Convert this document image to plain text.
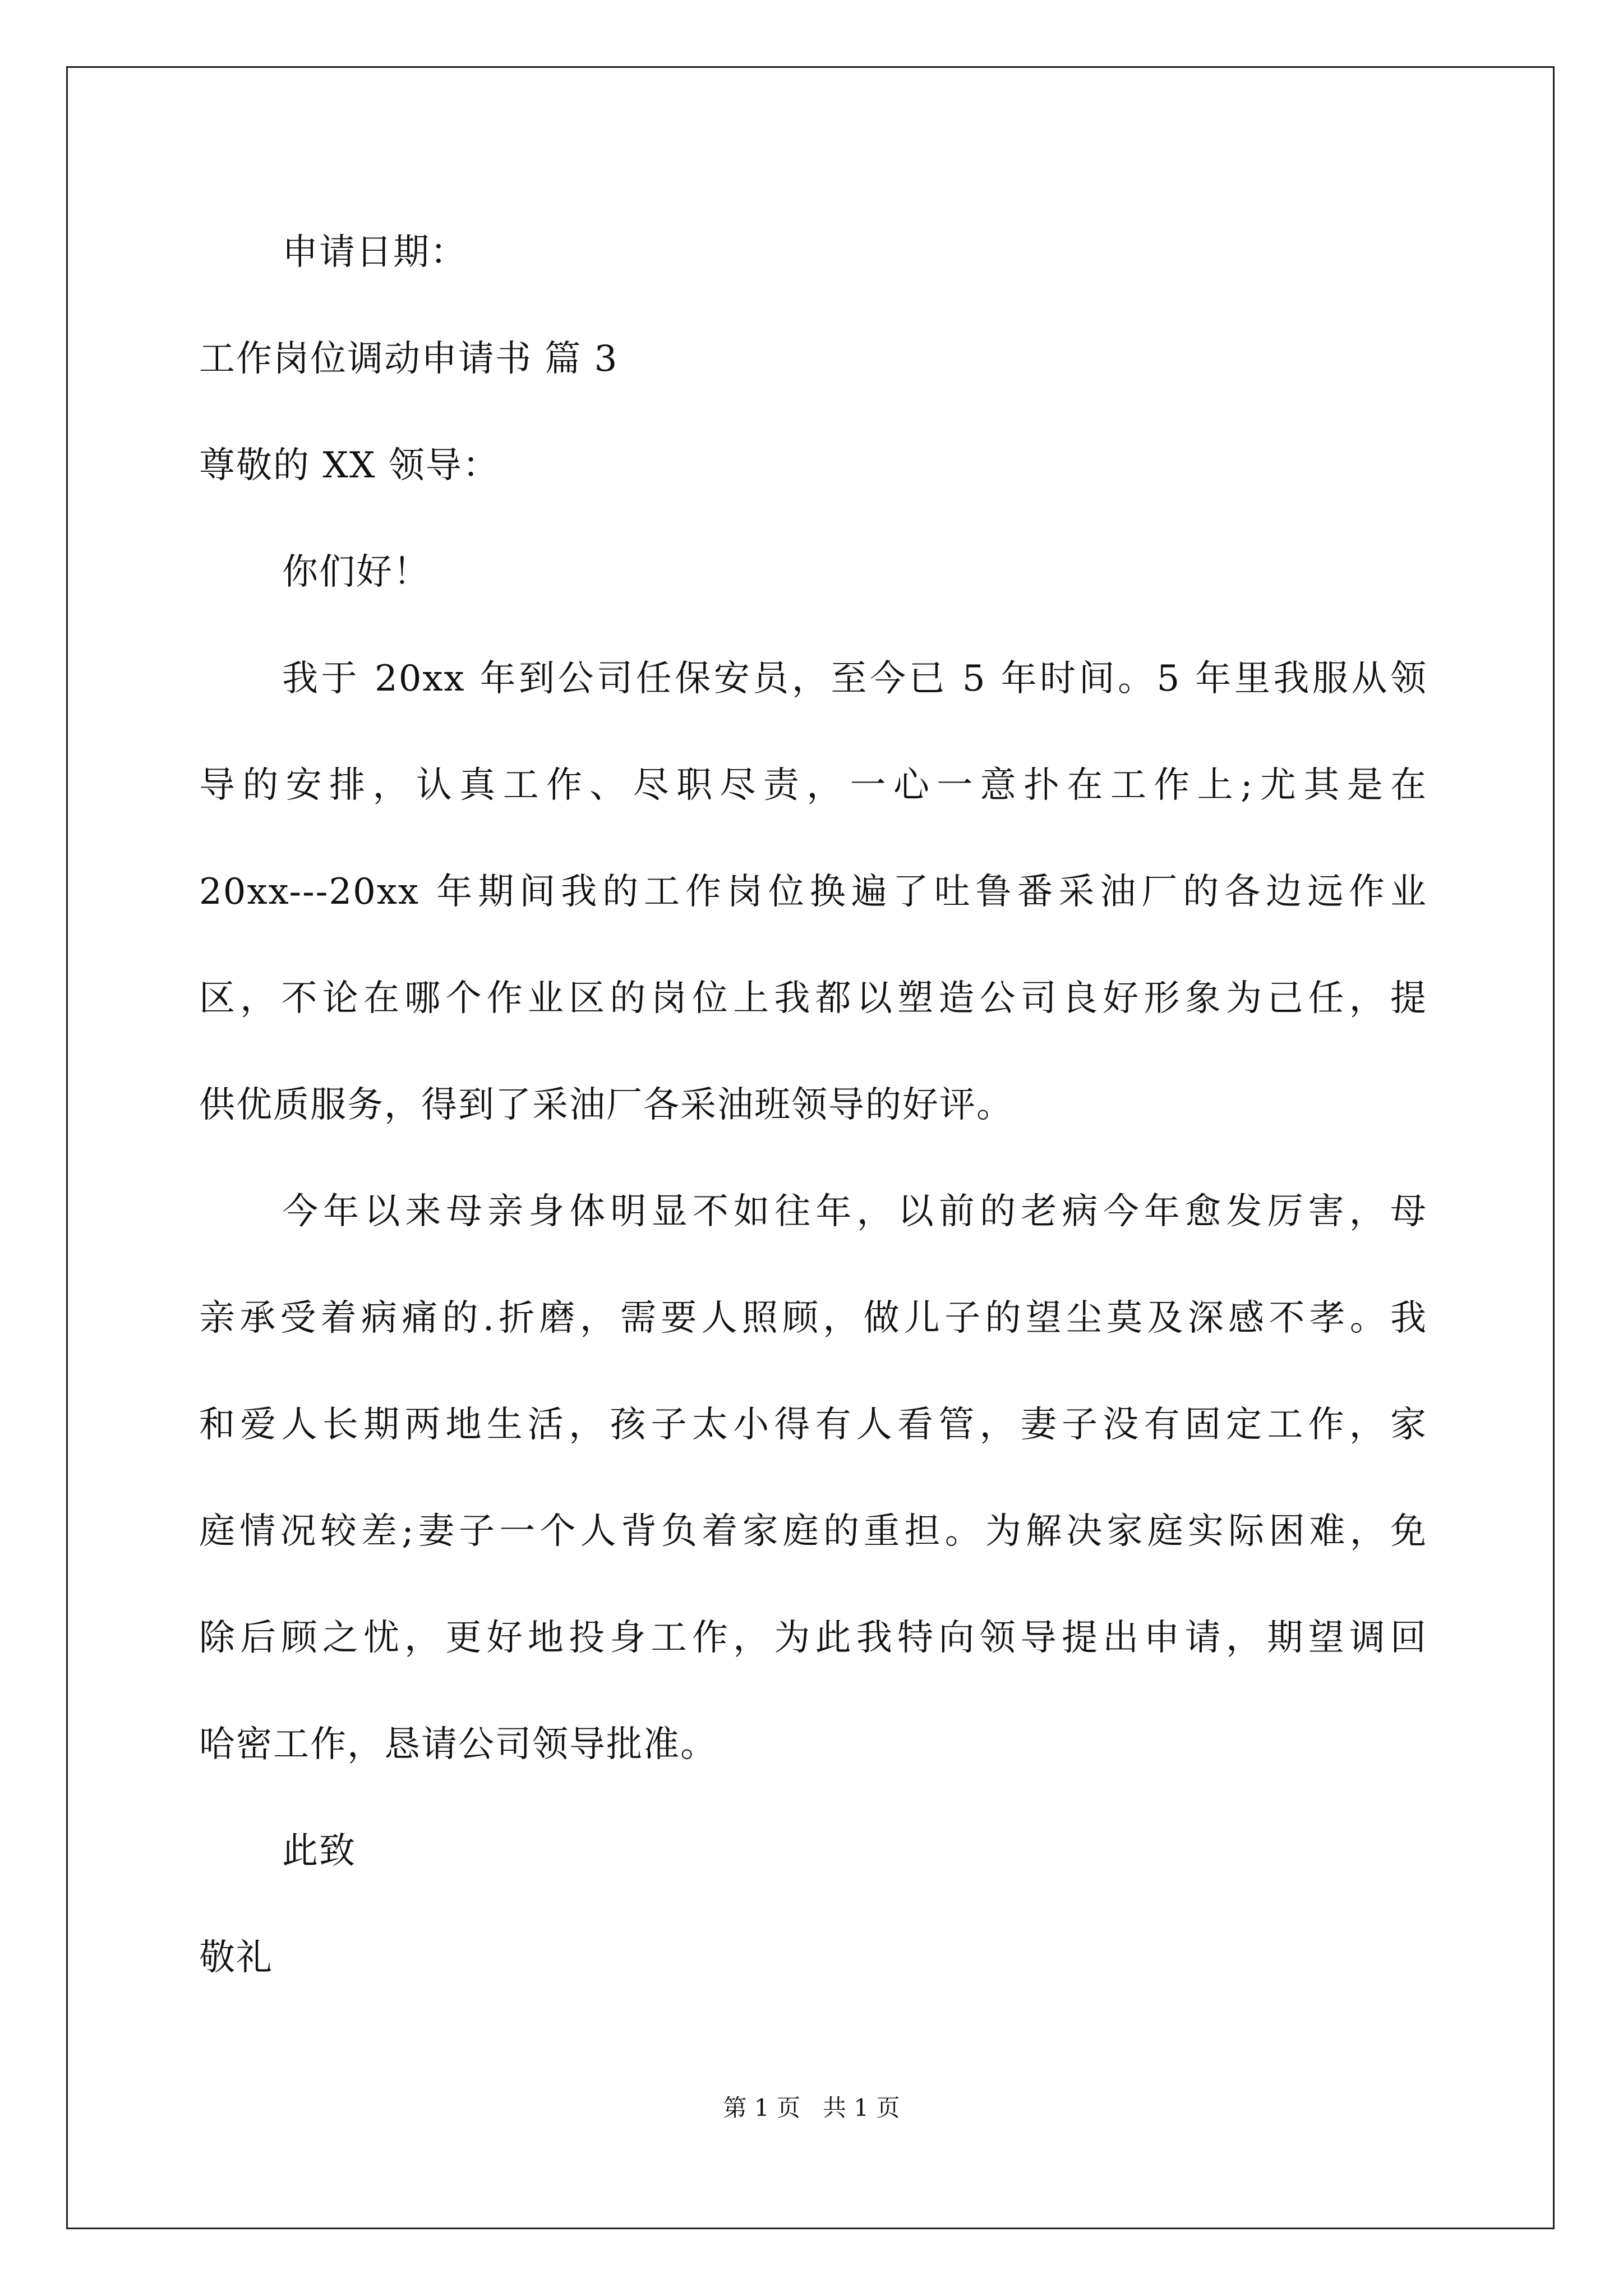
申请日期：
工作岗位调动申请书 篇 3
尊敬的 XX 领导：
你们好！
我于 20xx 年到公司任保安员，至今已 5 年时间。5 年里我服从领
导的安排，认真工作、尽职尽责，一心一意扑在工作上;尤其是在
20xx---20xx 年期间我的工作岗位换遍了吐鲁番采油厂的各边远作业
区，不论在哪个作业区的岗位上我都以塑造公司良好形象为己任，提
供优质服务，得到了采油厂各采油班领导的好评。
今年以来母亲身体明显不如往年，以前的老病今年愈发厉害，母
亲承受着病痛的.折磨，需要人照顾，做儿子的望尘莫及深感不孝。我
和爱人长期两地生活，孩子太小得有人看管，妻子没有固定工作，家
庭情况较差;妻子一个人背负着家庭的重担。为解决家庭实际困难，免
除后顾之忧，更好地投身工作，为此我特向领导提出申请，期望调回
哈密工作，恳请公司领导批准。
此致
敬礼
第 1 页   共 1 页
